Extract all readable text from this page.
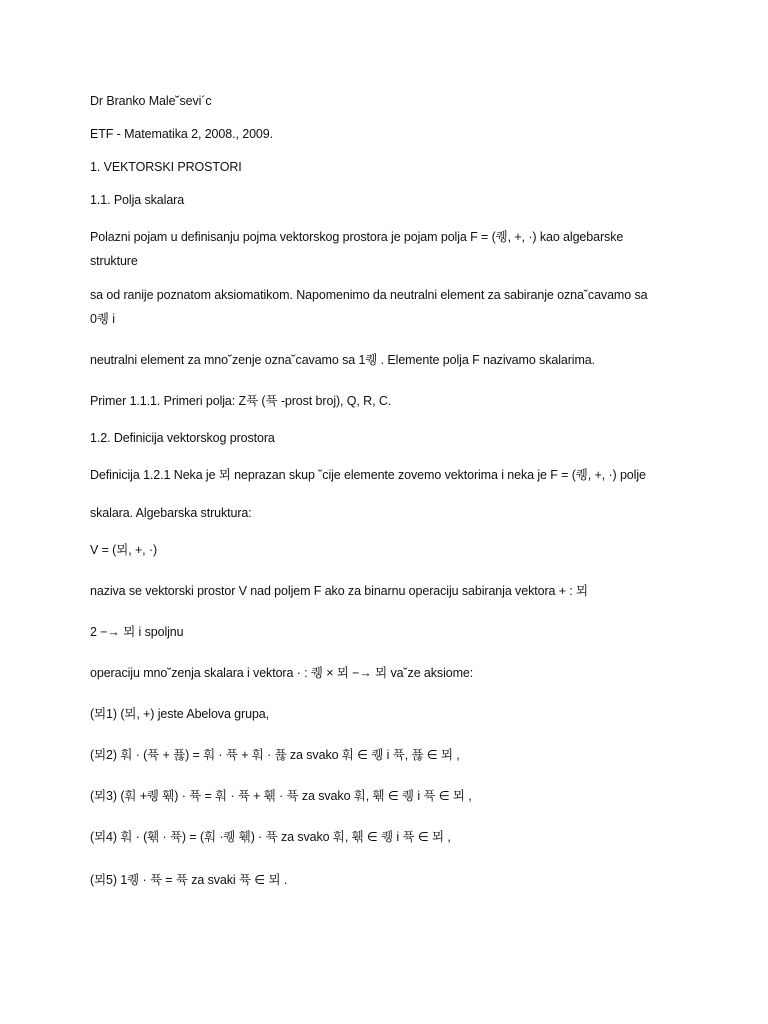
Dr Branko Male˘sevi´c
ETF - Matematika 2, 2008., 2009.
1. VEKTORSKI PROSTORI
1.1. Polja skalara
Polazni pojam u definisanju pojma vektorskog prostora je pojam polja F = (퀭, +, ·) kao algebarske
strukture
sa od ranije poznatom aksiomatikom. Napomenimo da neutralni element za sabiranje ozna˘cavamo sa
0퀭 i
neutralni element za mno˘zenje ozna˘cavamo sa 1퀭 . Elemente polja F nazivamo skalarima.
Primer 1.1.1. Primeri polja: Z퓩 (퓩 -prost broj), Q, R, C.
1.2. Definicija vektorskog prostora
Definicija 1.2.1 Neka je 뫼 neprazan skup ˘cije elemente zovemo vektorima i neka je F = (퀭, +, ·) polje
skalara. Algebarska struktura:
V = (뫼, +, ·)
naziva se vektorski prostor V nad poljem F ako za binarnu operaciju sabiranja vektora + : 뫼
2 −→ 뫼 i spoljnu
operaciju mno˘zenja skalara i vektora · : 퀭 × 뫼 −→ 뫼 va˘ze aksiome:
(뫼1) (뫼, +) jeste Abelova grupa,
(뫼2) 훠 · (퓩 + 퓮) = 훠 · 퓩 + 훠 · 퓮 za svako 훠 ∈ 퀭 i 퓩, 퓮 ∈ 뫼 ,
(뫼3) (훠 +퀭 훾) · 퓩 = 훠 · 퓩 + 훾 · 퓩 za svako 훠, 훾 ∈ 퀭 i 퓩 ∈ 뫼 ,
(뫼4) 훠 · (훾 · 퓩) = (훠 ·퀭 훾) · 퓩 za svako 훠, 훾 ∈ 퀭 i 퓩 ∈ 뫼 ,
(뫼5) 1퀭 · 퓩 = 퓩 za svaki 퓩 ∈ 뫼 .
